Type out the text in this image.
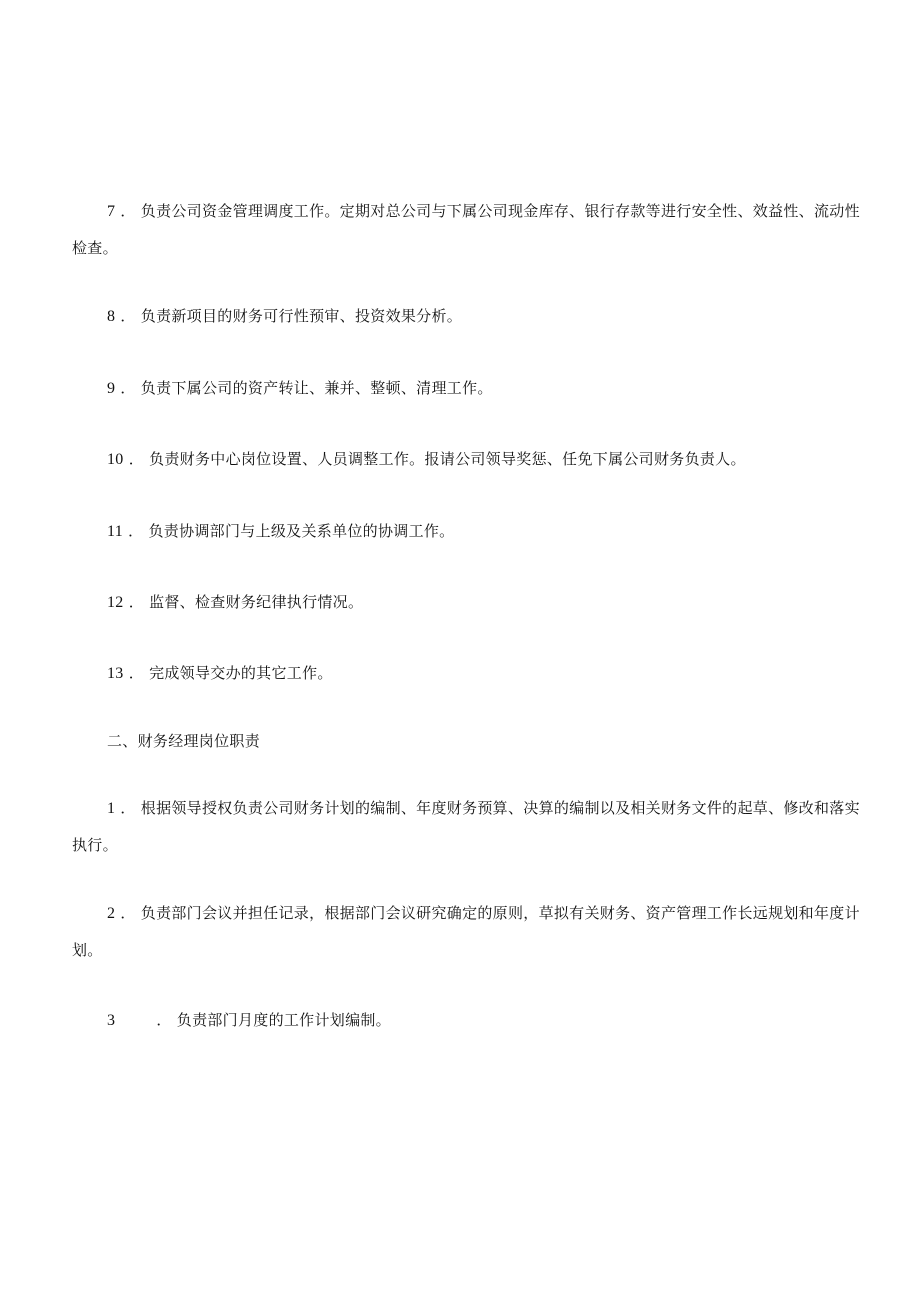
7 ． 负责公司资金管理调度工作。定期对总公司与下属公司现金库存、银行存款等进行安全性、效益性、流动性检查。
8 ． 负责新项目的财务可行性预审、投资效果分析。
9 ． 负责下属公司的资产转让、兼并、整顿、清理工作。
10 ． 负责财务中心岗位设置、人员调整工作。报请公司领导奖惩、任免下属公司财务负责人。
11 ． 负责协调部门与上级及关系单位的协调工作。
12 ． 监督、检查财务纪律执行情况。
13 ． 完成领导交办的其它工作。
二、财务经理岗位职责
1 ． 根据领导授权负责公司财务计划的编制、年度财务预算、决算的编制以及相关财务文件的起草、修改和落实执行。
2 ． 负责部门会议并担任记录，根据部门会议研究确定的原则，草拟有关财务、资产管理工作长远规划和年度计划。
3	． 负责部门月度的工作计划编制。
